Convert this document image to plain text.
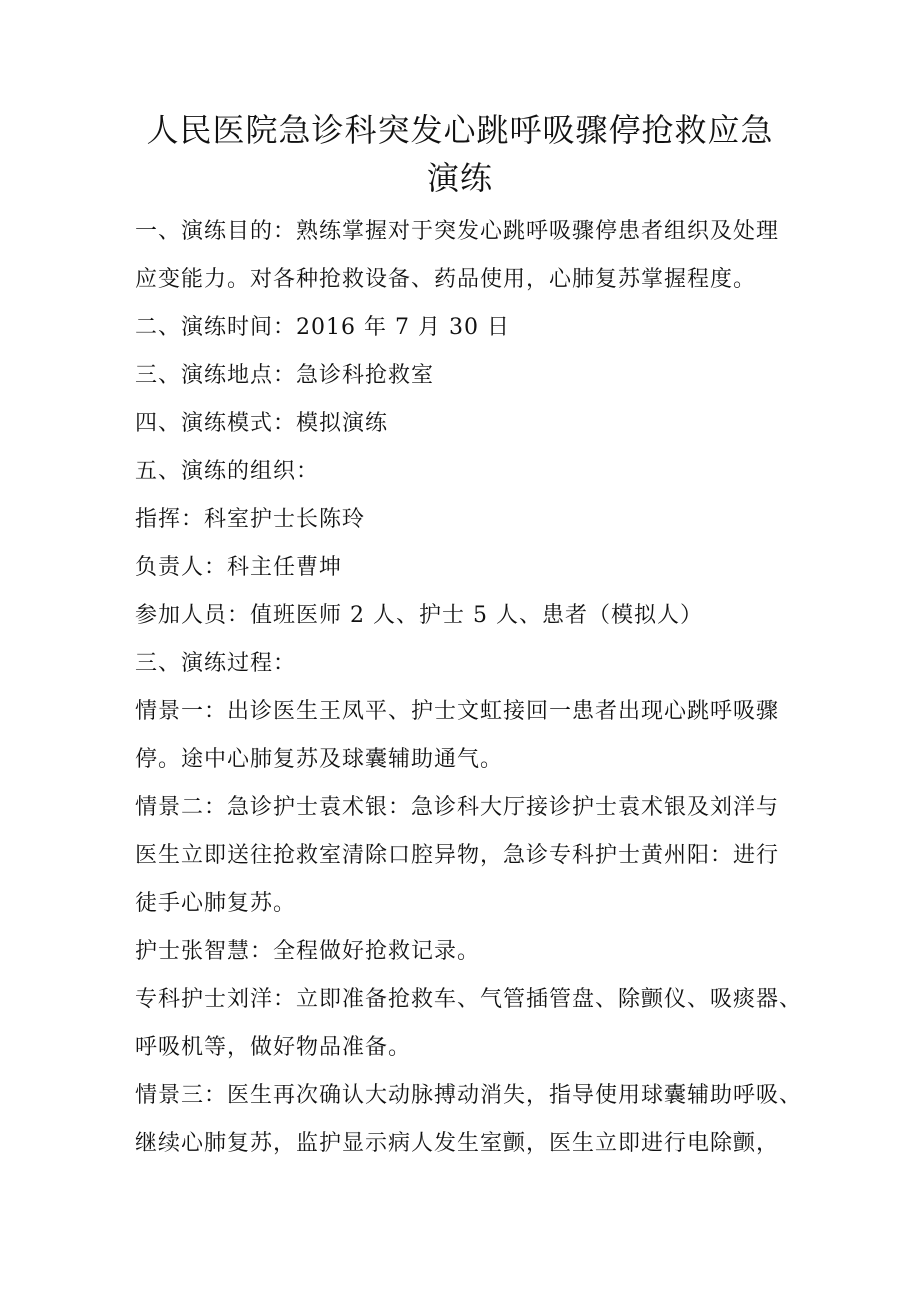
人民医院急诊科突发心跳呼吸骤停抢救应急
演练
一、演练目的：熟练掌握对于突发心跳呼吸骤停患者组织及处理
应变能力。对各种抢救设备、药品使用，心肺复苏掌握程度。
二、演练时间：2016 年 7 月 30 日
三、演练地点：急诊科抢救室
四、演练模式：模拟演练
五、演练的组织：
指挥：科室护士长陈玲
负责人：科主任曹坤
参加人员：值班医师 2 人、护士 5 人、患者（模拟人）
三、演练过程：
情景一：出诊医生王凤平、护士文虹接回一患者出现心跳呼吸骤
停。途中心肺复苏及球囊辅助通气。
情景二：急诊护士袁术银：急诊科大厅接诊护士袁术银及刘洋与
医生立即送往抢救室清除口腔异物，急诊专科护士黄州阳：进行
徒手心肺复苏。
护士张智慧：全程做好抢救记录。
专科护士刘洋：立即准备抢救车、气管插管盘、除颤仪、吸痰器、
呼吸机等，做好物品准备。
情景三：医生再次确认大动脉搏动消失，指导使用球囊辅助呼吸、
继续心肺复苏，监护显示病人发生室颤，医生立即进行电除颤，
